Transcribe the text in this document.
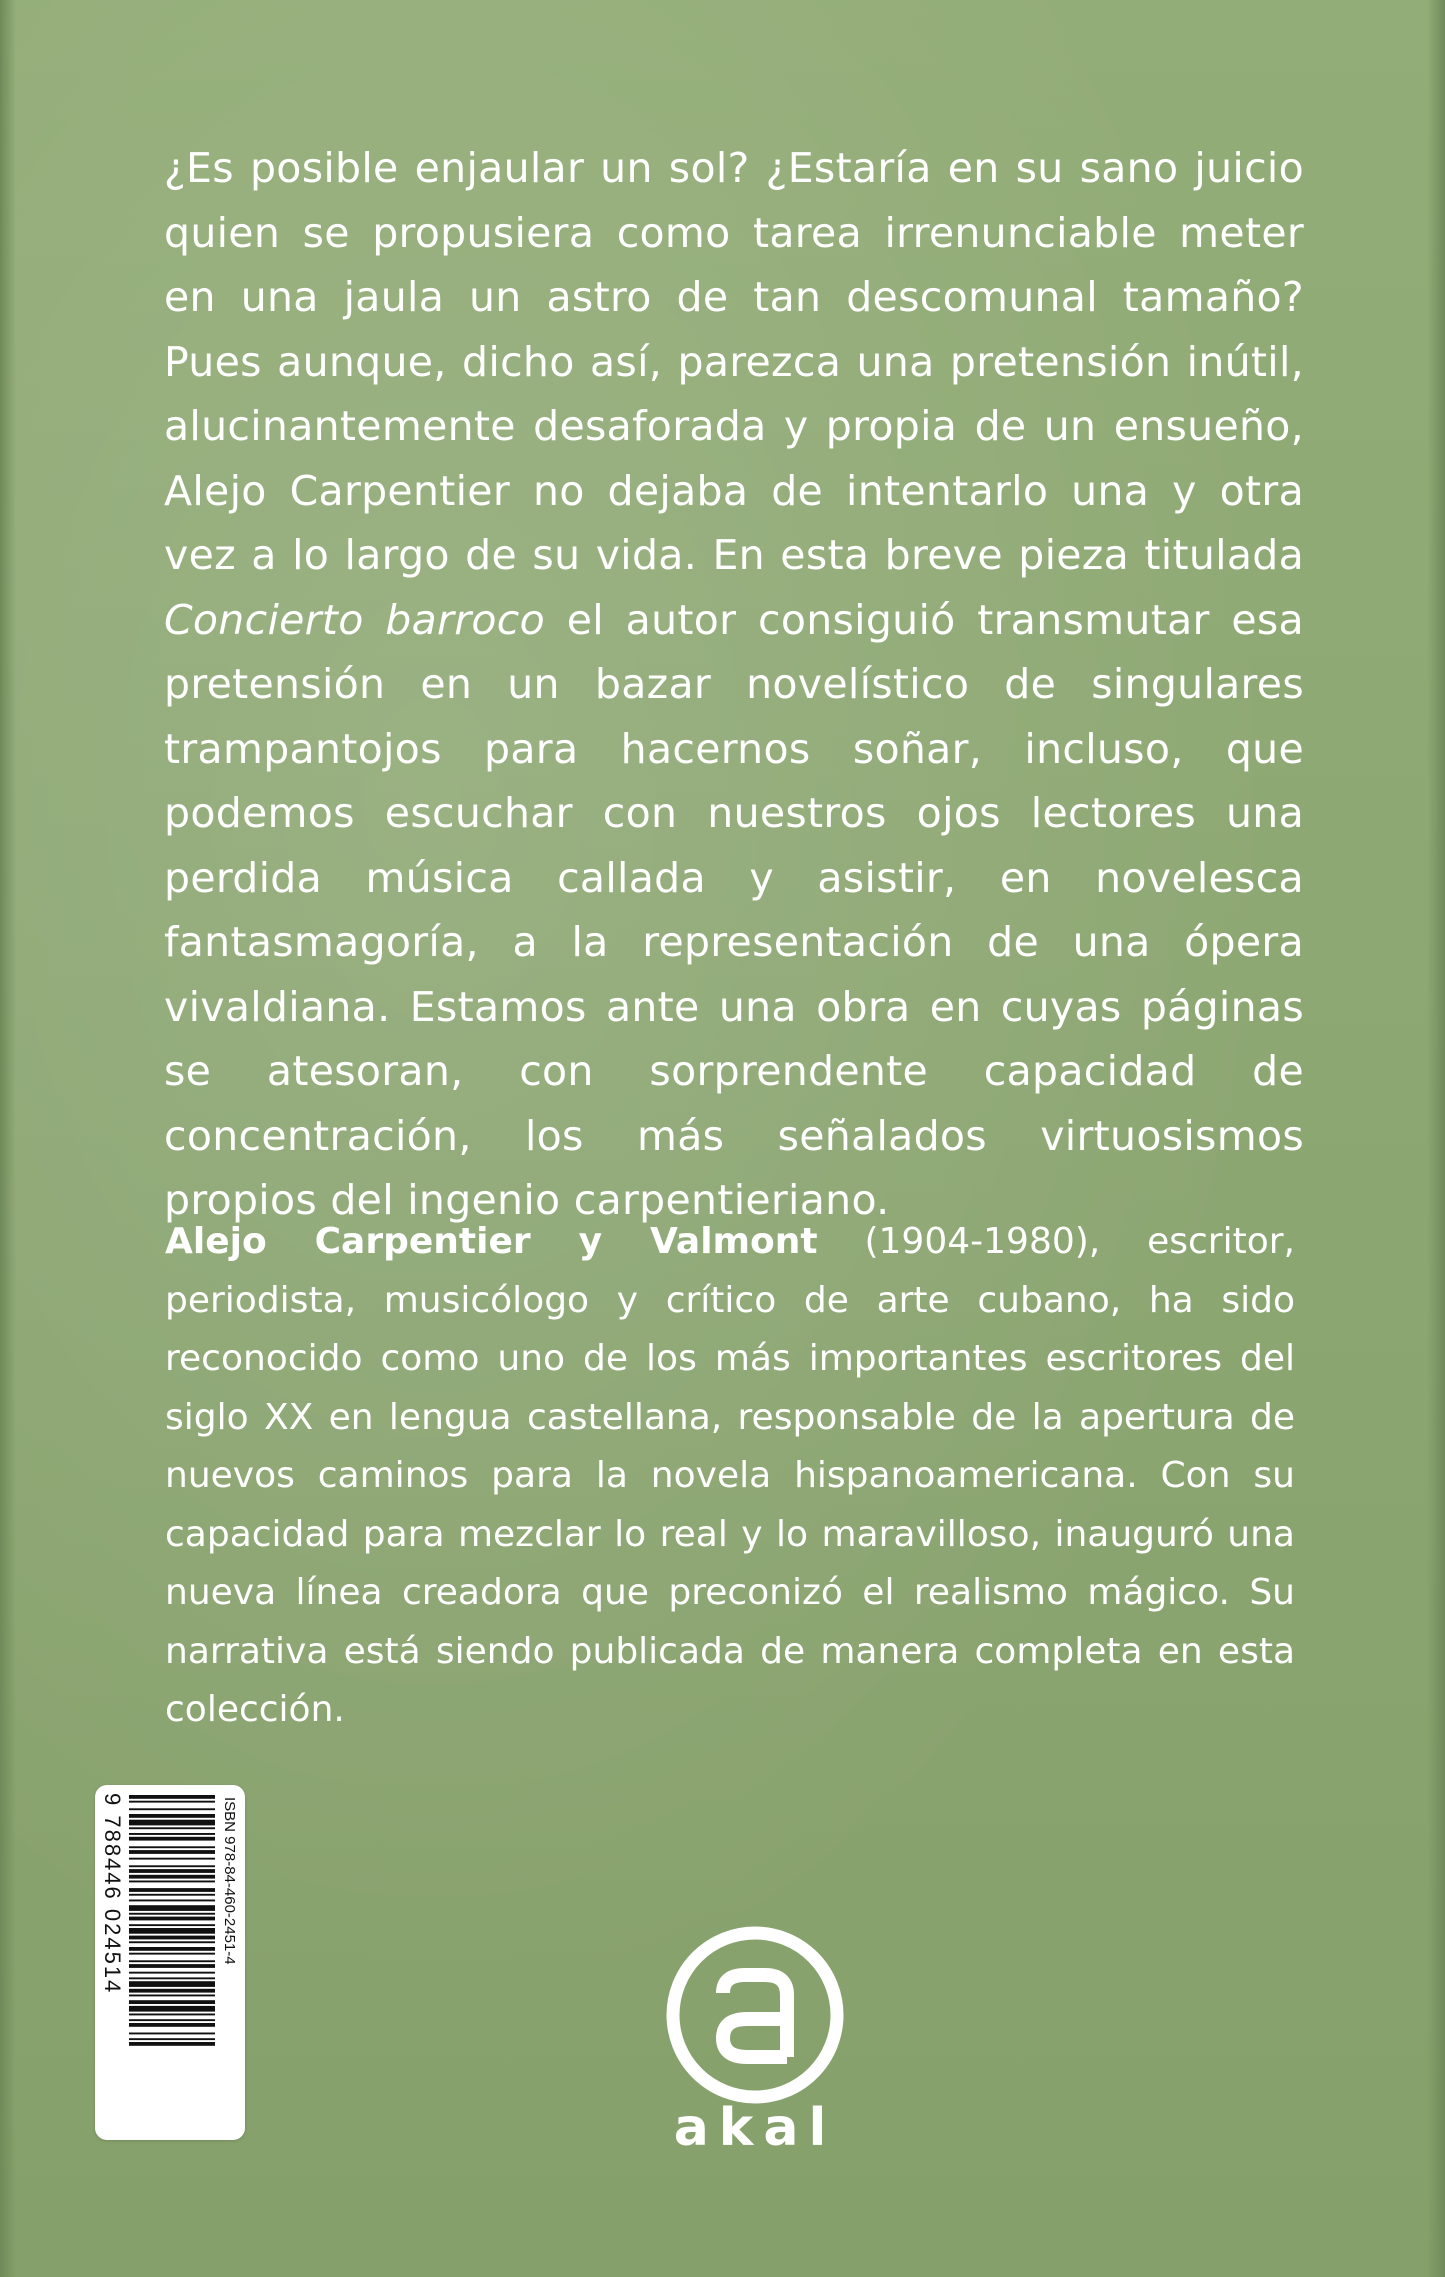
¿Es posible enjaular un sol? ¿Estaría en su sano juicio quien se propusiera como tarea irrenunciable meter en una jaula un astro de tan descomunal tamaño? Pues aunque, dicho así, parezca una pretensión inútil, alucinantemente desaforada y propia de un ensueño, Alejo Carpentier no dejaba de intentarlo una y otra vez a lo largo de su vida. En esta breve pieza titulada Concierto barroco el autor consiguió transmutar esa pretensión en un bazar novelístico de singulares trampantojos para hacernos soñar, incluso, que podemos escuchar con nuestros ojos lectores una perdida música callada y asistir, en novelesca fantasmagoría, a la representación de una ópera vivaldiana. Estamos ante una obra en cuyas páginas se atesoran, con sorprendente capacidad de concentración, los más señalados virtuosismos propios del ingenio carpentieriano.
Alejo Carpentier y Valmont (1904-1980), escritor, periodista, musicólogo y crítico de arte cubano, ha sido reconocido como uno de los más importantes escritores del siglo XX en lengua castellana, responsable de la apertura de nuevos caminos para la novela hispanoamericana. Con su capacidad para mezclar lo real y lo maravilloso, inauguró una nueva línea creadora que preconizó el realismo mágico. Su narrativa está siendo publicada de manera completa en esta colección.
ISBN 978-84-460-2451-4
9 788446 024514
akal
